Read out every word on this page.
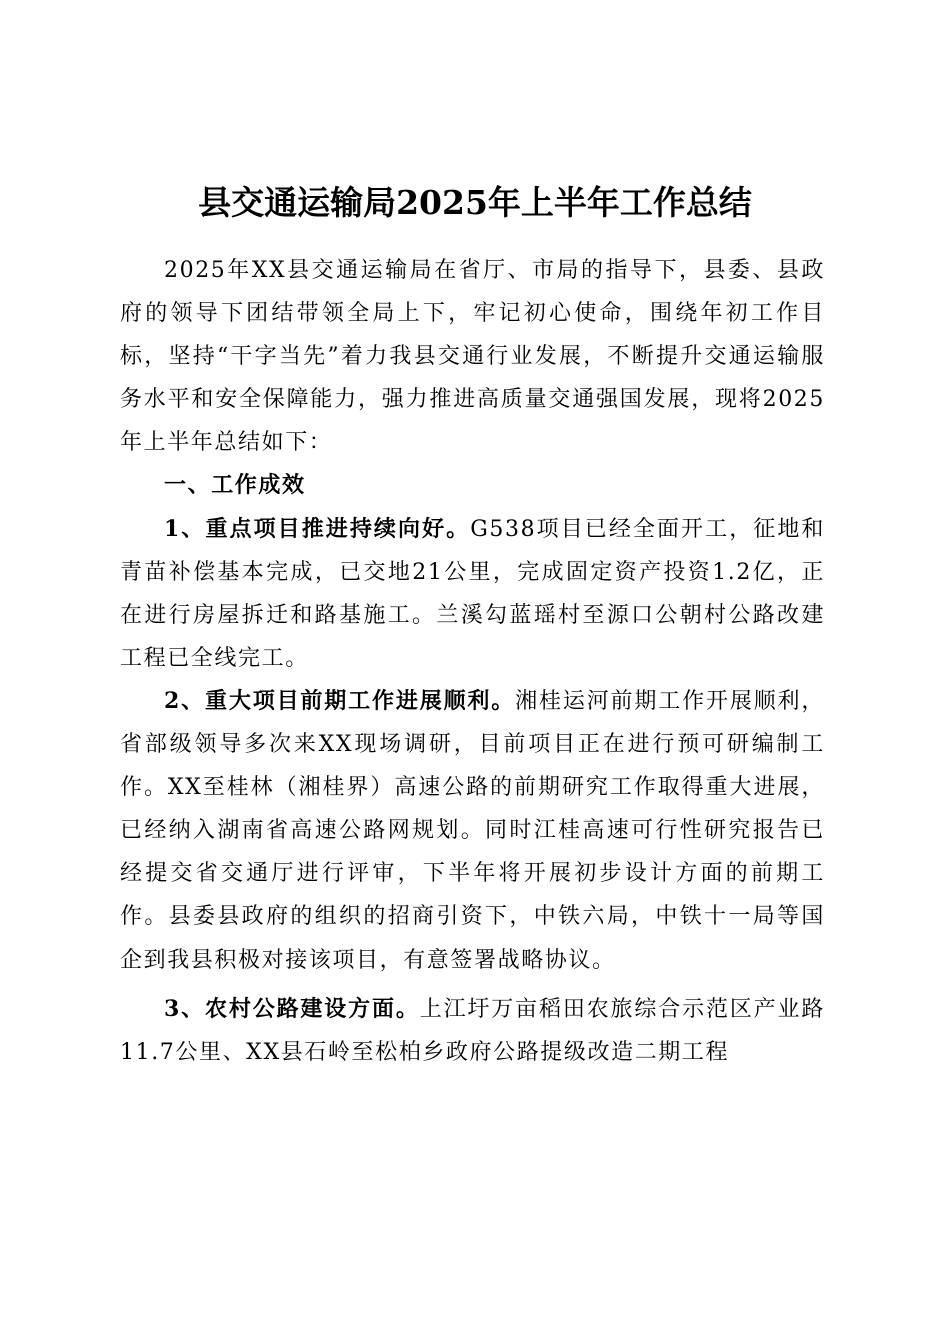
县交通运输局2025年上半年工作总结

2025年XX县交通运输局在省厅、市局的指导下，县委、县政府的领导下团结带领全局上下，牢记初心使命，围绕年初工作目标，坚持“干字当先”着力我县交通行业发展，不断提升交通运输服务水平和安全保障能力，强力推进高质量交通强国发展，现将2025年上半年总结如下：

一、工作成效

1、重点项目推进持续向好。G538项目已经全面开工，征地和青苗补偿基本完成，已交地21公里，完成固定资产投资1.2亿，正在进行房屋拆迁和路基施工。兰溪勾蓝瑶村至源口公朝村公路改建工程已全线完工。

2、重大项目前期工作进展顺利。湘桂运河前期工作开展顺利，省部级领导多次来XX现场调研，目前项目正在进行预可研编制工作。XX至桂林（湘桂界）高速公路的前期研究工作取得重大进展，已经纳入湖南省高速公路网规划。同时江桂高速可行性研究报告已经提交省交通厅进行评审，下半年将开展初步设计方面的前期工作。县委县政府的组织的招商引资下，中铁六局，中铁十一局等国企到我县积极对接该项目，有意签署战略协议。

3、农村公路建设方面。上江圩万亩稻田农旅综合示范区产业路11.7公里、XX县石岭至松柏乡政府公路提级改造二期工程
